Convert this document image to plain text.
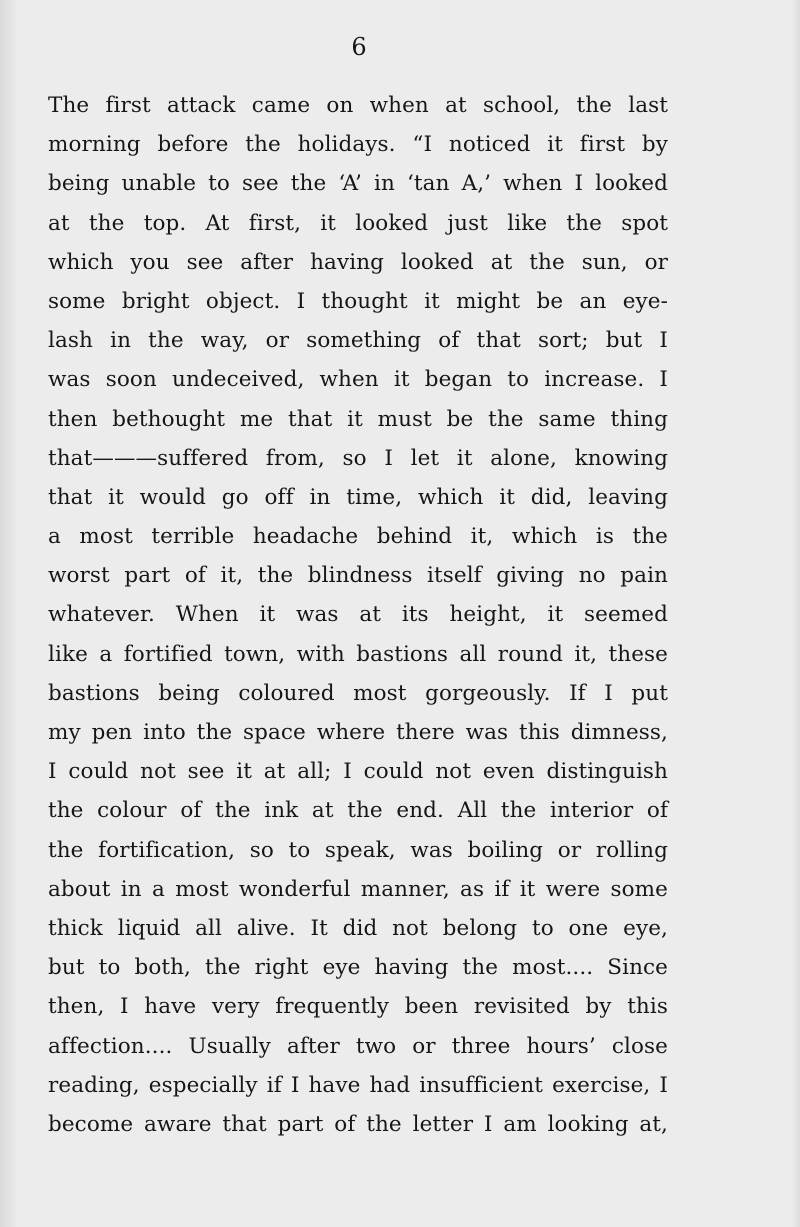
6
The first attack came on when at school, the last
morning before the holidays. “I noticed it first by
being unable to see the ‘A’ in ‘tan A,’ when I looked
at the top. At first, it looked just like the spot
which you see after having looked at the sun, or
some bright object. I thought it might be an eye-
lash in the way, or something of that sort; but I
was soon undeceived, when it began to increase. I
then bethought me that it must be the same thing
that———suffered from, so I let it alone, knowing
that it would go off in time, which it did, leaving
a most terrible headache behind it, which is the
worst part of it, the blindness itself giving no pain
whatever. When it was at its height, it seemed
like a fortified town, with bastions all round it, these
bastions being coloured most gorgeously. If I put
my pen into the space where there was this dimness,
I could not see it at all; I could not even distinguish
the colour of the ink at the end. All the interior of
the fortification, so to speak, was boiling or rolling
about in a most wonderful manner, as if it were some
thick liquid all alive. It did not belong to one eye,
but to both, the right eye having the most.... Since
then, I have very frequently been revisited by this
affection.... Usually after two or three hours’ close
reading, especially if I have had insufficient exercise, I
become aware that part of the letter I am looking at,
